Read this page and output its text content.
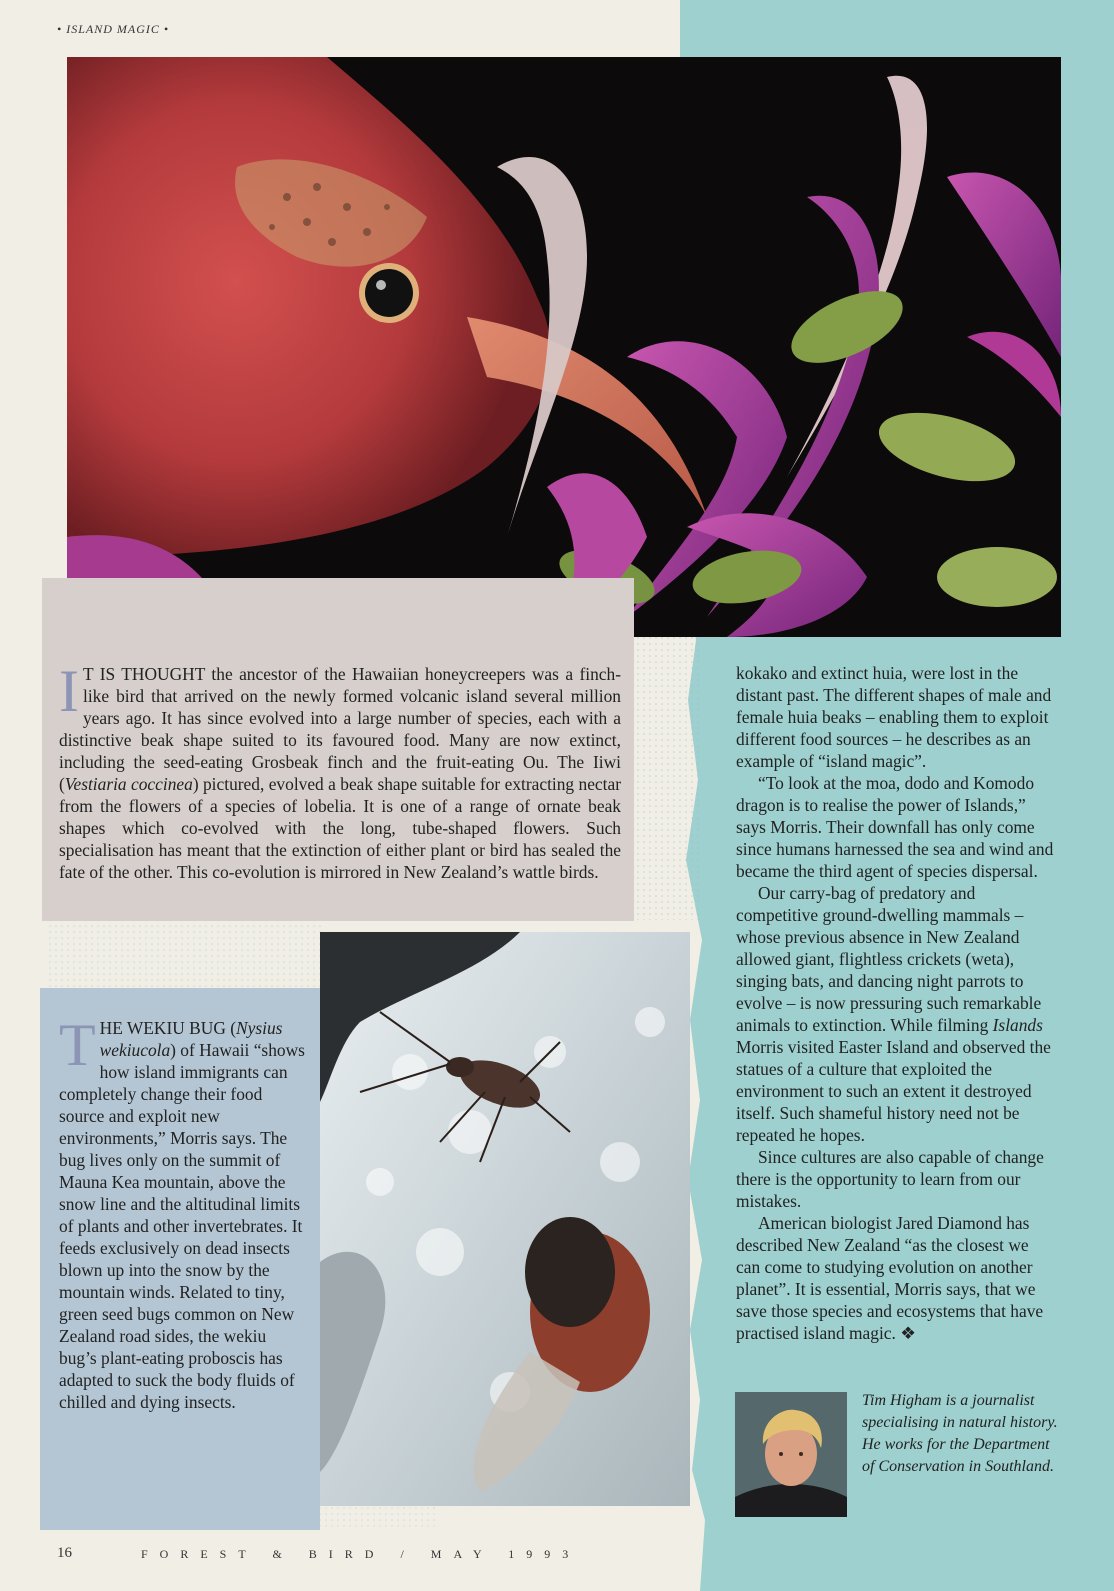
• ISLAND MAGIC •
I T IS THOUGHT the ancestor of the Hawaiian honeycreepers was a finch-like bird that arrived on the newly formed volcanic island several million years ago. It has since evolved into a large number of species, each with a distinctive beak shape suited to its favoured food. Many are now extinct, including the seed-eating Grosbeak finch and the fruit-eating Ou. The Iiwi (Vestiaria coccinea) pictured, evolved a beak shape suitable for extracting nectar from the flowers of a species of lobelia. It is one of a range of ornate beak shapes which co-evolved with the long, tube-shaped flowers. Such specialisation has meant that the extinction of either plant or bird has sealed the fate of the other. This co-evolution is mirrored in New Zealand’s wattle birds.
THE WEKIU BUG (Nysius wekiucola) of Hawaii “shows how island immigrants can completely change their food source and exploit new environments,” Morris says. The bug lives only on the summit of Mauna Kea mountain, above the snow line and the altitudinal limits of plants and other invertebrates. It feeds exclusively on dead insects blown up into the snow by the mountain winds. Related to tiny, green seed bugs common on New Zealand road sides, the wekiu bug’s plant-eating proboscis has adapted to suck the body fluids of chilled and dying insects.

kokako and extinct huia, were lost in the distant past. The different shapes of male and female huia beaks – enabling them to exploit different food sources – he describes as an example of “island magic”.

“To look at the moa, dodo and Komodo dragon is to realise the power of Islands,” says Morris. Their downfall has only come since humans harnessed the sea and wind and became the third agent of species dispersal.

Our carry-bag of predatory and competitive ground-dwelling mammals – whose previous absence in New Zealand allowed giant, flightless crickets (weta), singing bats, and dancing night parrots to evolve – is now pressuring such remarkable animals to extinction. While filming Islands Morris visited Easter Island and observed the statues of a culture that exploited the environment to such an extent it destroyed itself. Such shameful history need not be repeated he hopes.

Since cultures are also capable of change there is the opportunity to learn from our mistakes.

American biologist Jared Diamond has described New Zealand “as the closest we can come to studying evolution on another planet”. It is essential, Morris says, that we save those species and ecosystems that have practised island magic. ❖

Tim Higham is a journalist specialising in natural history. He works for the Department of Conservation in Southland.
16	FOREST & BIRD / MAY 1993
